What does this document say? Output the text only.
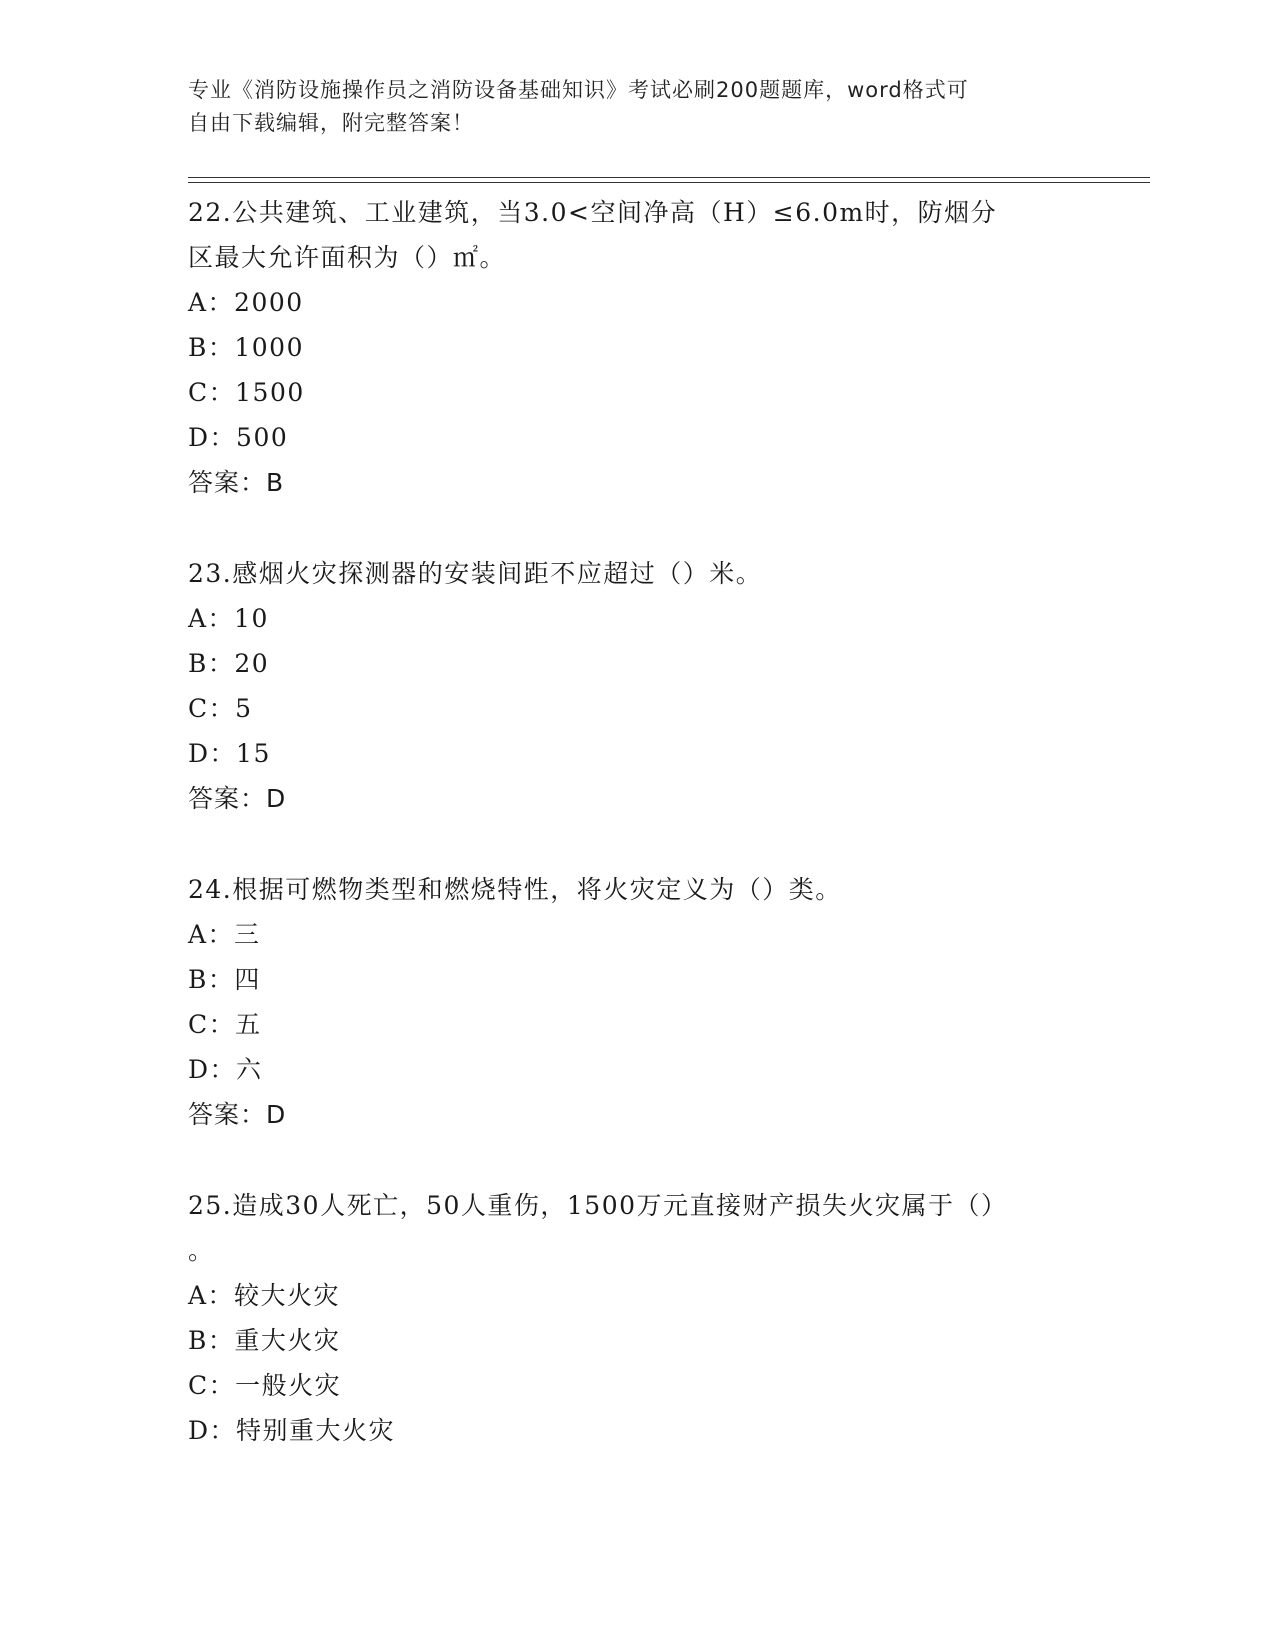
专业《消防设施操作员之消防设备基础知识》考试必刷200题题库，word格式可
自由下载编辑，附完整答案！
22.公共建筑、工业建筑，当3.0<空间净高（H）≤6.0m时，防烟分
区最大允许面积为（）㎡。
A：2000
B：1000
C：1500
D：500
答案：B
23.感烟火灾探测器的安装间距不应超过（）米。
A：10
B：20
C：5
D：15
答案：D
24.根据可燃物类型和燃烧特性，将火灾定义为（）类。
A：三
B：四
C：五
D：六
答案：D
25.造成30人死亡，50人重伤，1500万元直接财产损失火灾属于（）
。
A：较大火灾
B：重大火灾
C：一般火灾
D：特别重大火灾
